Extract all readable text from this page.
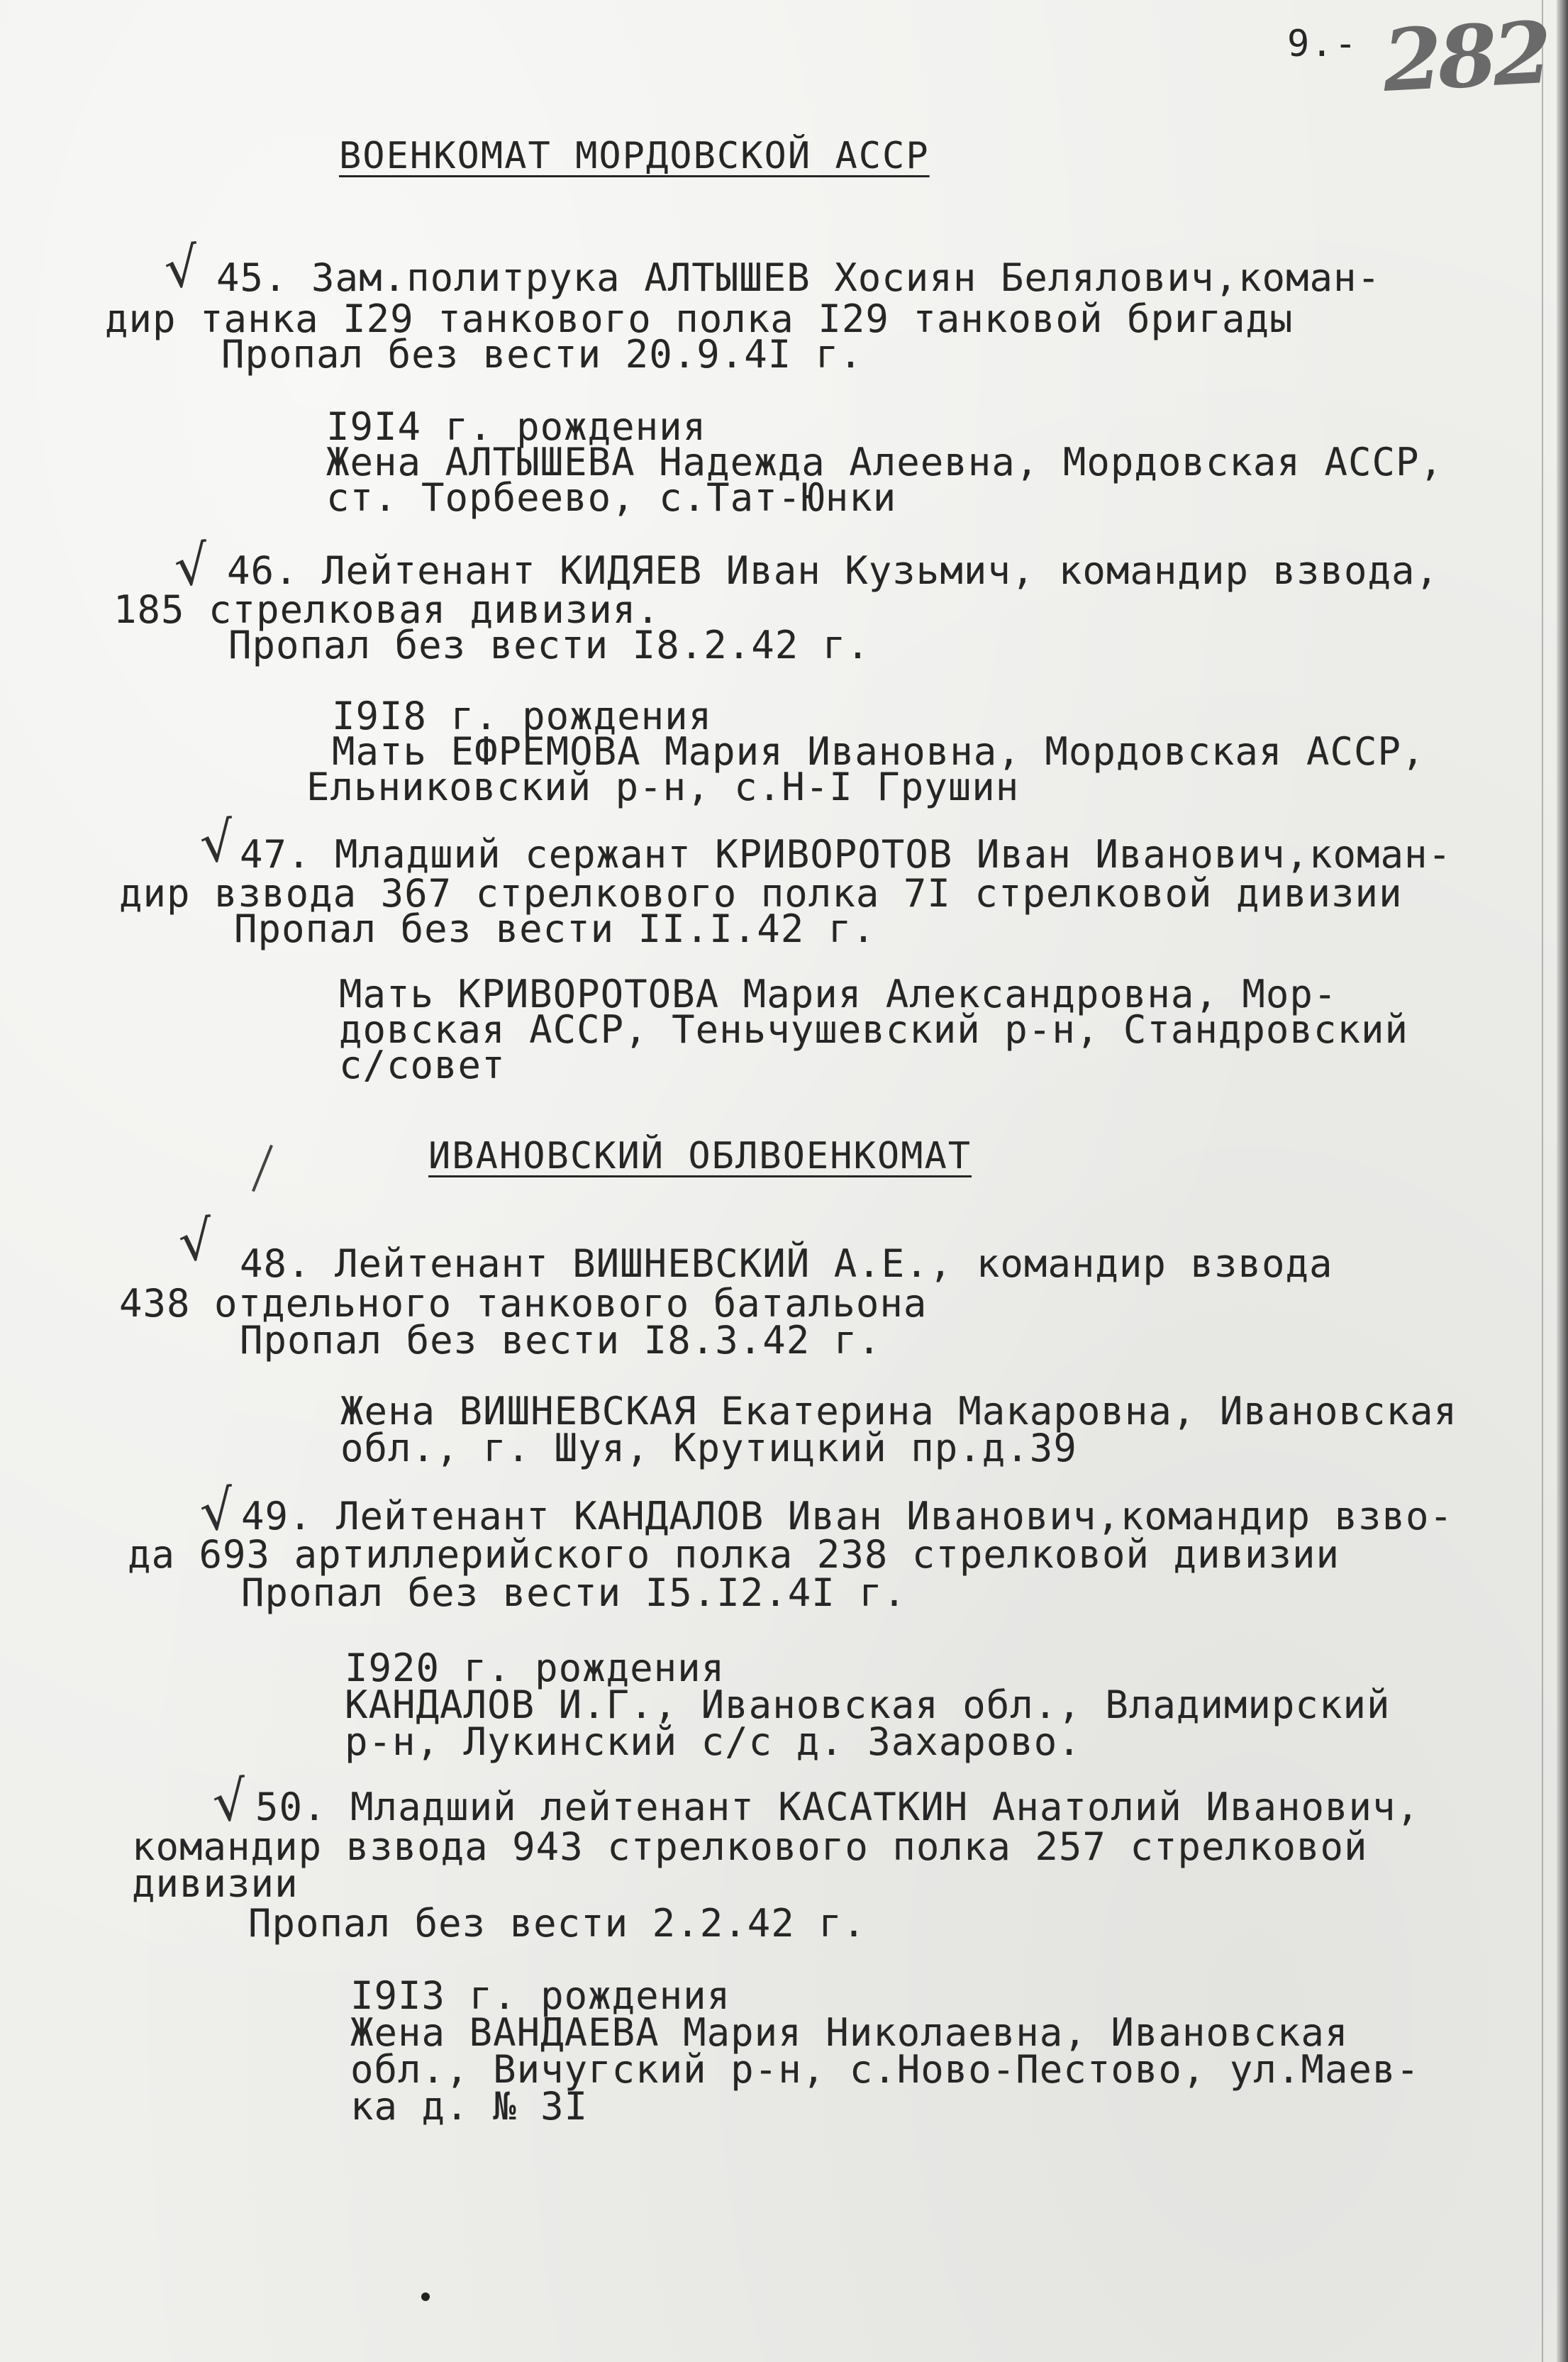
9.- 282
ВОЕНКОМАТ МОРДОВСКОЙ АССР
√ 45. Зам.политрука АЛТЫШЕВ Хосиян Белялович,коман-
дир танка I29 танкового полка I29 танковой бригады
Пропал без вести 20.9.4I г.
I9I4 г. рождения
Жена АЛТЫШЕВА Надежда Алеевна, Мордовская АССР,
ст. Торбеево, с.Тат-Юнки
√ 46. Лейтенант КИДЯЕВ Иван Кузьмич, командир взвода,
185 стрелковая дивизия.
Пропал без вести I8.2.42 г.
I9I8 г. рождения
Мать ЕФРЕМОВА Мария Ивановна, Мордовская АССР,
Ельниковский р-н, с.Н-I Грушин
√ 47. Младший сержант КРИВОРОТОВ Иван Иванович,коман-
дир взвода 367 стрелкового полка 7I стрелковой дивизии
Пропал без вести II.I.42 г.
Мать КРИВОРОТОВА Мария Александровна, Мор-
довская АССР, Теньчушевский р-н, Стандровский
с/совет
ИВАНОВСКИЙ ОБЛВОЕНКОМАТ
√ 48. Лейтенант ВИШНЕВСКИЙ А.Е., командир взвода
438 отдельного танкового батальона
Пропал без вести I8.3.42 г.
Жена ВИШНЕВСКАЯ Екатерина Макаровна, Ивановская
обл., г. Шуя, Крутицкий пр.д.39
√ 49. Лейтенант КАНДАЛОВ Иван Иванович,командир взво-
да 693 артиллерийского полка 238 стрелковой дивизии
Пропал без вести I5.I2.4I г.
I920 г. рождения
КАНДАЛОВ И.Г., Ивановская обл., Владимирский
р-н, Лукинский с/с д. Захарово.
√ 50. Младший лейтенант КАСАТКИН Анатолий Иванович,
командир взвода 943 стрелкового полка 257 стрелковой
дивизии
Пропал без вести 2.2.42 г.
I9I3 г. рождения
Жена ВАНДАЕВА Мария Николаевна, Ивановская
обл., Вичугский р-н, с.Ново-Пестово, ул.Маев-
ка д. № 3I
